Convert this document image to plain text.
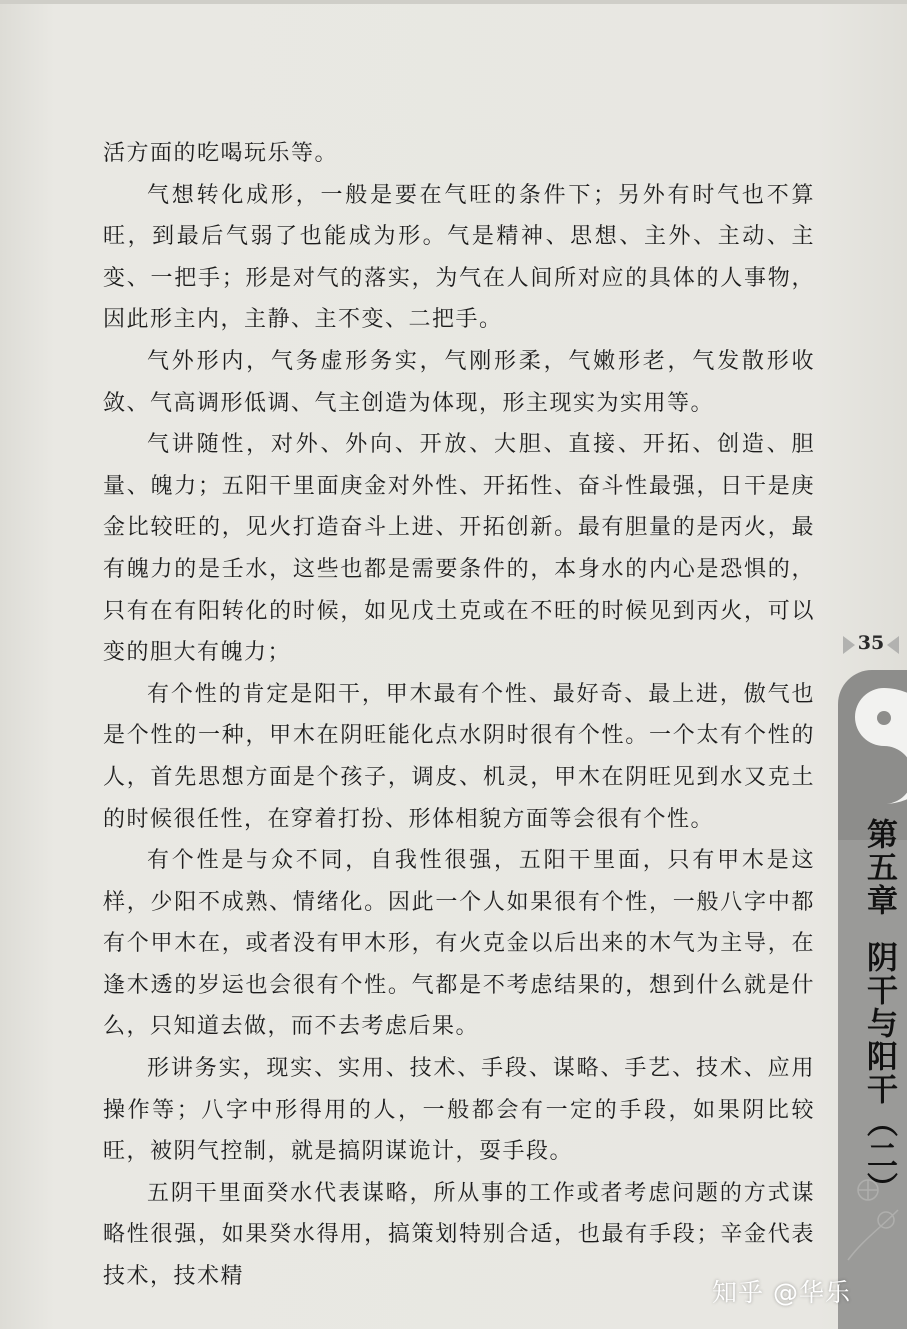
活方面的吃喝玩乐等。

气想转化成形，一般是要在气旺的条件下；另外有时气也不算旺，到最后气弱了也能成为形。气是精神、思想、主外、主动、主变、一把手；形是对气的落实，为气在人间所对应的具体的人事物，因此形主内，主静、主不变、二把手。

气外形内，气务虚形务实，气刚形柔，气嫩形老，气发散形收敛、气高调形低调、气主创造为体现，形主现实为实用等。

气讲随性，对外、外向、开放、大胆、直接、开拓、创造、胆量、魄力；五阳干里面庚金对外性、开拓性、奋斗性最强，日干是庚金比较旺的，见火打造奋斗上进、开拓创新。最有胆量的是丙火，最有魄力的是壬水，这些也都是需要条件的，本身水的内心是恐惧的，只有在有阳转化的时候，如见戊土克或在不旺的时候见到丙火，可以变的胆大有魄力；

有个性的肯定是阳干，甲木最有个性、最好奇、最上进，傲气也是个性的一种，甲木在阴旺能化点水阴时很有个性。一个太有个性的人，首先思想方面是个孩子，调皮、机灵，甲木在阴旺见到水又克土的时候很任性，在穿着打扮、形体相貌方面等会很有个性。

有个性是与众不同，自我性很强，五阳干里面，只有甲木是这样，少阳不成熟、情绪化。因此一个人如果很有个性，一般八字中都有个甲木在，或者没有甲木形，有火克金以后出来的木气为主导，在逢木透的岁运也会很有个性。气都是不考虑结果的，想到什么就是什么，只知道去做，而不去考虑后果。

形讲务实，现实、实用、技术、手段、谋略、手艺、技术、应用操作等；八字中形得用的人，一般都会有一定的手段，如果阴比较旺，被阴气控制，就是搞阴谋诡计，耍手段。

五阴干里面癸水代表谋略，所从事的工作或者考虑问题的方式谋略性很强，如果癸水得用，搞策划特别合适，也最有手段；辛金代表技术，技术精

35
第五章阴干与阳干（二）
知乎 @华乐
